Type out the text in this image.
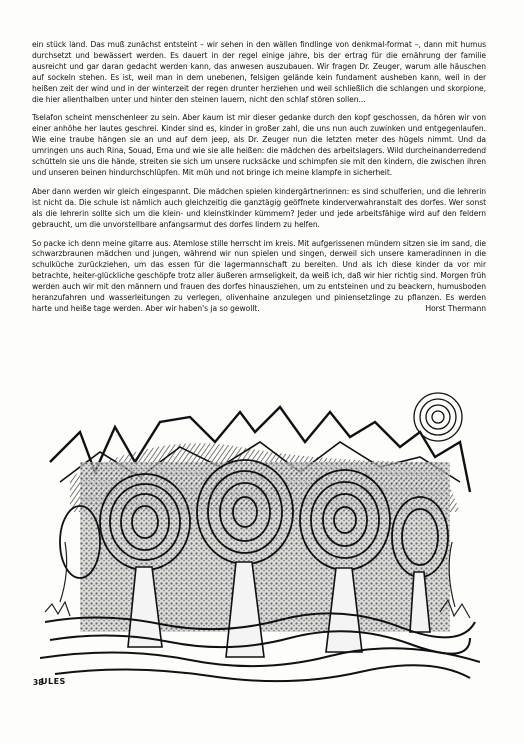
ein stück land. Das muß zunächst entsteint – wir sehen in den wällen findlinge von denkmal-format –, dann mit humus durchsetzt und bewässert werden. Es dauert in der regel einige jahre, bis der ertrag für die ernährung der familie ausreicht und gar daran gedacht werden kann, das anwesen auszubauen. Wir fragen Dr. Zeuger, warum alle häuschen auf sockeln stehen. Es ist, weil man in dem unebenen, felsigen gelände kein fundament ausheben kann, weil in der heißen zeit der wind und in der winterzeit der regen drunter herziehen und weil schließlich die schlangen und skorpione, die hier allenthalben unter und hinter den steinen lauern, nicht den schlaf stören sollen...

Tselafon scheint menschenleer zu sein. Aber kaum ist mir dieser gedanke durch den kopf geschossen, da hören wir von einer anhöhe her lautes geschrei. Kinder sind es, kinder in großer zahl, die uns nun auch zuwinken und entgegenlaufen. Wie eine traube hängen sie an und auf dem jeep, als Dr. Zeuger nun die letzten meter des hügels nimmt. Und da umringen uns auch Rina, Souad, Erna und wie sie alle heißen: die mädchen des arbeitslagers. Wild durcheinanderredend schütteln sie uns die hände, streiten sie sich um unsere rucksäcke und schimpfen sie mit den kindern, die zwischen ihren und unseren beinen hindurchschlüpfen. Mit müh und not bringe ich meine klampfe in sicherheit.

Aber dann werden wir gleich eingespannt. Die mädchen spielen kindergärtnerinnen: es sind schulferien, und die lehrerin ist nicht da. Die schule ist nämlich auch gleichzeitig die ganztägig geöffnete kinderverwahranstalt des dorfes. Wer sonst als die lehrerin sollte sich um die klein- und kleinstkinder kümmern? Jeder und jede arbeitsfähige wird auf den feldern gebraucht, um die unvorstellbare anfangsarmut des dorfes lindern zu helfen.

So packe ich denn meine gitarre aus. Atemlose stille herrscht im kreis. Mit aufgerissenen mündern sitzen sie im sand, die schwarzbraunen mädchen und jungen, während wir nun spielen und singen, derweil sich unsere kameradinnen in die schulküche zurückziehen, um das essen für die lagermannschaft zu bereiten. Und als ich diese kinder da vor mir betrachte, heiter-glückliche geschöpfe trotz aller äußeren armseligkeit, da weiß ich, daß wir hier richtig sind. Morgen früh werden auch wir mit den männern und frauen des dorfes hinausziehen, um zu entsteinen und zu beackern, humusboden heranzufahren und wasserleitungen zu verlegen, olivenhaine anzulegen und piniensetzlinge zu pflanzen. Es werden harte und heiße tage werden. Aber wir haben's ja so gewollt.	Horst Thermann

38
ULES
